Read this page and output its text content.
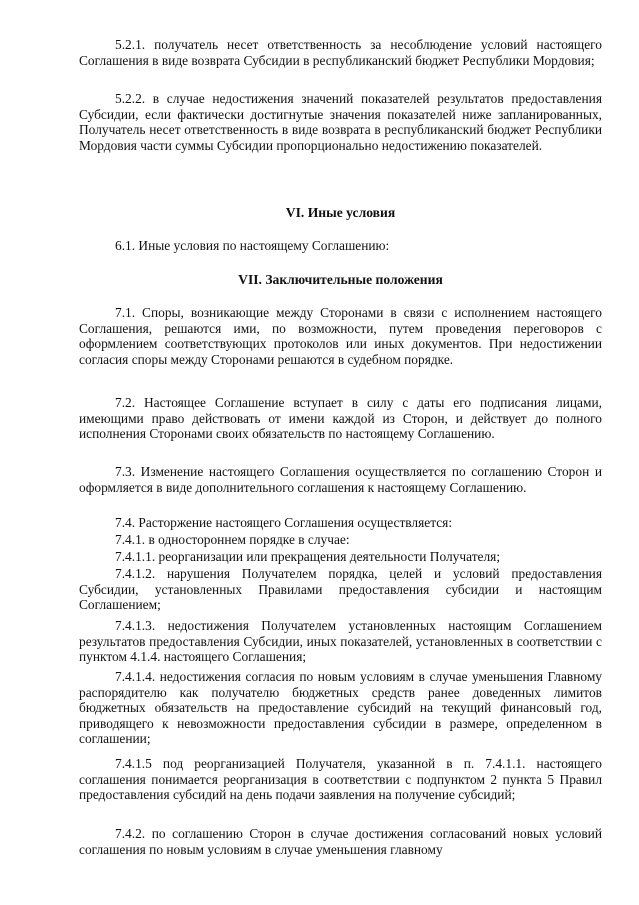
5.2.1. получатель несет ответственность за несоблюдение условий настоящего Соглашения в виде возврата Субсидии в республиканский бюджет Республики Мордовия;

5.2.2. в случае недостижения значений показателей результатов предоставления Субсидии, если фактически достигнутые значения показателей ниже запланированных, Получатель несет ответственность в виде возврата в республиканский бюджет Республики Мордовия части суммы Субсидии пропорционально недостижению показателей.

VI. Иные условия

6.1. Иные условия по настоящему Соглашению:

VII. Заключительные положения

7.1. Споры, возникающие между Сторонами в связи с исполнением настоящего Соглашения, решаются ими, по возможности, путем проведения переговоров с оформлением соответствующих протоколов или иных документов. При недостижении согласия споры между Сторонами решаются в судебном порядке.

7.2. Настоящее Соглашение вступает в силу с даты его подписания лицами, имеющими право действовать от имени каждой из Сторон, и действует до полного исполнения Сторонами своих обязательств по настоящему Соглашению.

7.3. Изменение настоящего Соглашения осуществляется по соглашению Сторон и оформляется в виде дополнительного соглашения к настоящему Соглашению.

7.4. Расторжение настоящего Соглашения осуществляется:

7.4.1. в одностороннем порядке в случае:

7.4.1.1. реорганизации или прекращения деятельности Получателя;

7.4.1.2. нарушения Получателем порядка, целей и условий предоставления Субсидии, установленных Правилами предоставления субсидии и настоящим Соглашением;

7.4.1.3. недостижения Получателем установленных настоящим Соглашением результатов предоставления Субсидии, иных показателей, установленных в соответствии с пунктом 4.1.4. настоящего Соглашения;

7.4.1.4. недостижения согласия по новым условиям в случае уменьшения Главному распорядителю как получателю бюджетных средств ранее доведенных лимитов бюджетных обязательств на предоставление субсидий на текущий финансовый год, приводящего к невозможности предоставления субсидии в размере, определенном в соглашении;

7.4.1.5 под реорганизацией Получателя, указанной в п. 7.4.1.1. настоящего соглашения понимается реорганизация в соответствии с подпунктом 2 пункта 5 Правил предоставления субсидий на день подачи заявления на получение субсидий;

7.4.2. по соглашению Сторон в случае достижения согласований новых условий соглашения по новым условиям в случае уменьшения главному
